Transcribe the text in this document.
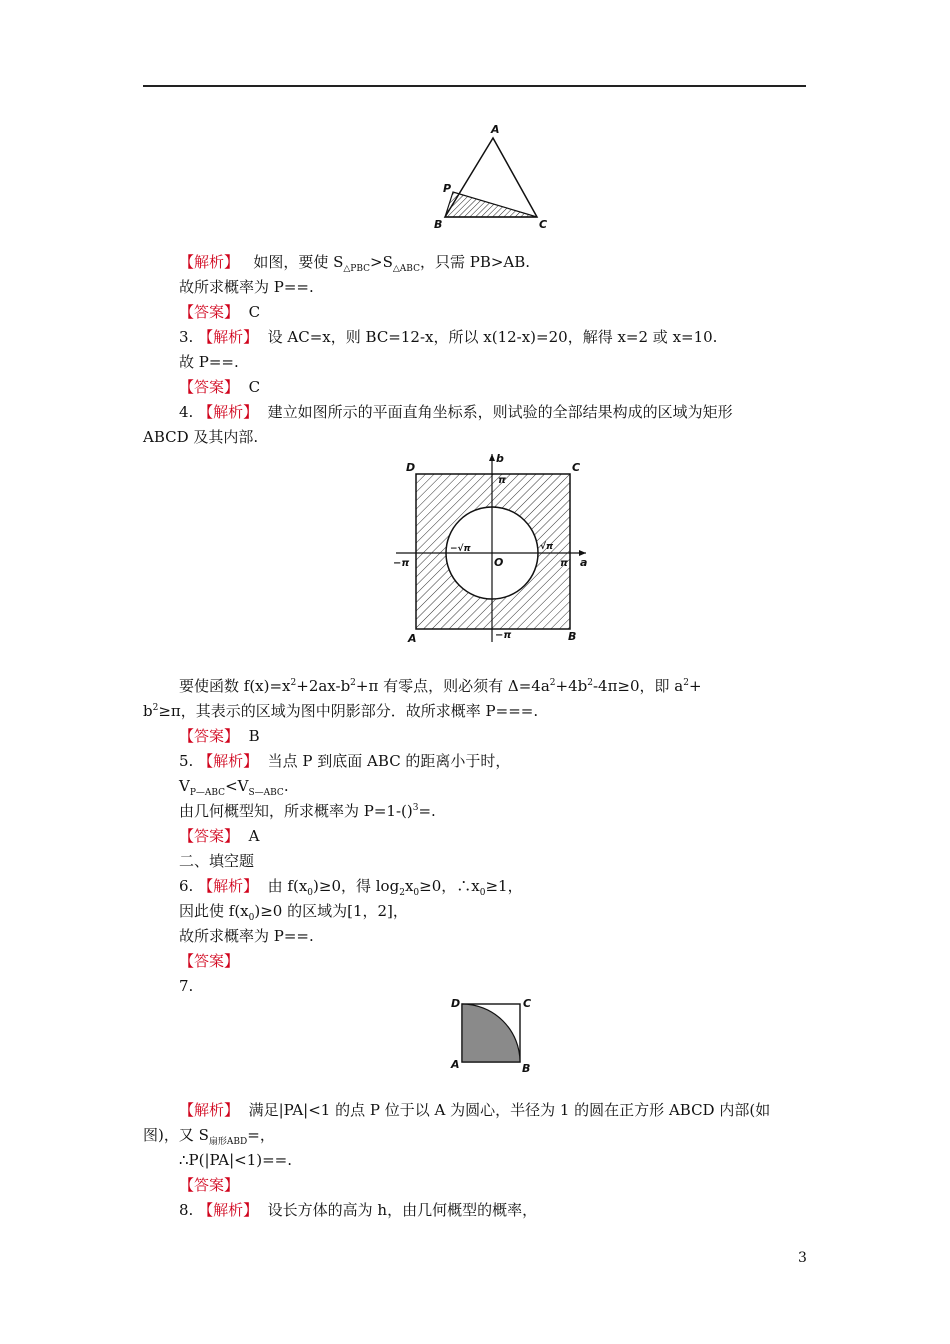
A
P
B	C
【解析】 如图，要使 $S_{\triangle PBC}>S_{\triangle ABC}$，只需 PB>AB.
故所求概率为 P==.
【答案】 C
3. 【解析】 设 AC=x，则 BC=12-x，所以 x(12-x)=20，解得 x=2 或 x=10.
故 P==.
【答案】 C
4. 【解析】 建立如图所示的平面直角坐标系，则试验的全部结果构成的区域为矩形
ABCD 及其内部.
D	C
A	B
b
a
O
π
−π	π
−π
−√π	√π
要使函数 $f(x)=x^2+2ax-b^2+\pi$ 有零点，则必须有 $\Delta=4a^2+4b^2-4\pi\ge 0$，即 $a^2+$
$b^2\ge\pi$，其表示的区域为图中阴影部分．故所求概率 P===.
【答案】 B
5. 【解析】 当点 P 到底面 ABC 的距离小于时，
$V_{P—ABC}<V_{S—ABC}$.
由几何概型知，所求概率为 P=1-()$^3$=.
【答案】 A
二、填空题
6. 【解析】 由 $f(x_0)\ge 0$，得 $\log_2x_0\ge 0$，$\therefore x_0\ge 1$，
因此使 $f(x_0)\ge 0$ 的区域为[1，2]，
故所求概率为 P==.
【答案】
7.
D	C
A	B
【解析】 满足|PA|<1 的点 P 位于以 A 为圆心，半径为 1 的圆在正方形 ABCD 内部(如
图)，又 $S_{扇形ABD}=$，
∴P(|PA|<1)==.
【答案】
8. 【解析】 设长方体的高为 h，由几何概型的概率，
3
